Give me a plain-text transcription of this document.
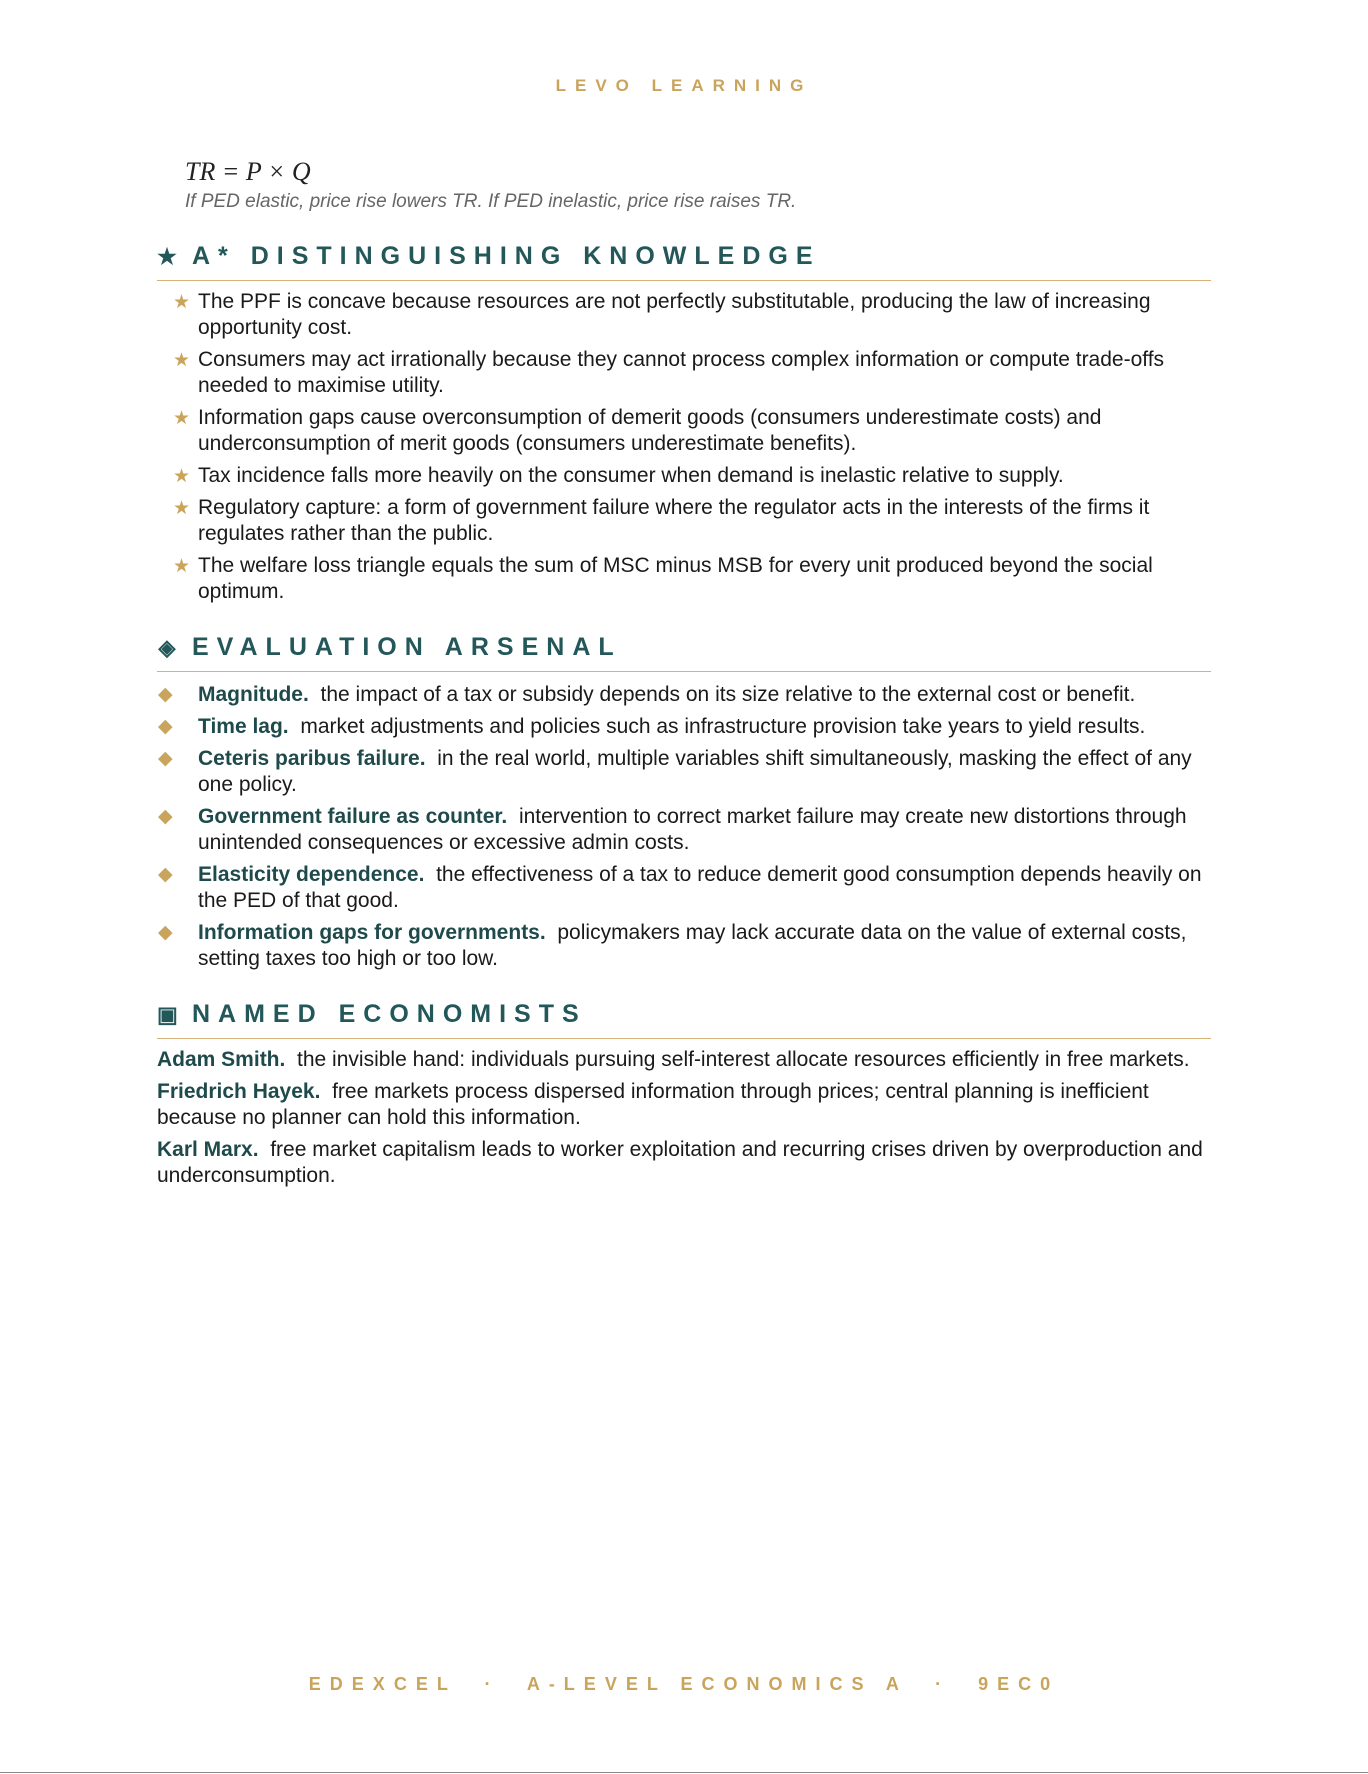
LEVO LEARNING
TR = P × Q
If PED elastic, price rise lowers TR. If PED inelastic, price rise raises TR.
★ A* DISTINGUISHING KNOWLEDGE
★ The PPF is concave because resources are not perfectly substitutable, producing the law of increasing opportunity cost.
★ Consumers may act irrationally because they cannot process complex information or compute trade-offs needed to maximise utility.
★ Information gaps cause overconsumption of demerit goods (consumers underestimate costs) and underconsumption of merit goods (consumers underestimate benefits).
★ Tax incidence falls more heavily on the consumer when demand is inelastic relative to supply.
★ Regulatory capture: a form of government failure where the regulator acts in the interests of the firms it regulates rather than the public.
★ The welfare loss triangle equals the sum of MSC minus MSB for every unit produced beyond the social optimum.
◈ EVALUATION ARSENAL
◆ Magnitude. the impact of a tax or subsidy depends on its size relative to the external cost or benefit.
◆ Time lag. market adjustments and policies such as infrastructure provision take years to yield results.
◆ Ceteris paribus failure. in the real world, multiple variables shift simultaneously, masking the effect of any one policy.
◆ Government failure as counter. intervention to correct market failure may create new distortions through unintended consequences or excessive admin costs.
◆ Elasticity dependence. the effectiveness of a tax to reduce demerit good consumption depends heavily on the PED of that good.
◆ Information gaps for governments. policymakers may lack accurate data on the value of external costs, setting taxes too high or too low.
▣ NAMED ECONOMISTS
Adam Smith. the invisible hand: individuals pursuing self-interest allocate resources efficiently in free markets.
Friedrich Hayek. free markets process dispersed information through prices; central planning is inefficient because no planner can hold this information.
Karl Marx. free market capitalism leads to worker exploitation and recurring crises driven by overproduction and underconsumption.
EDEXCEL  ·  A-LEVEL ECONOMICS A  ·  9EC0
